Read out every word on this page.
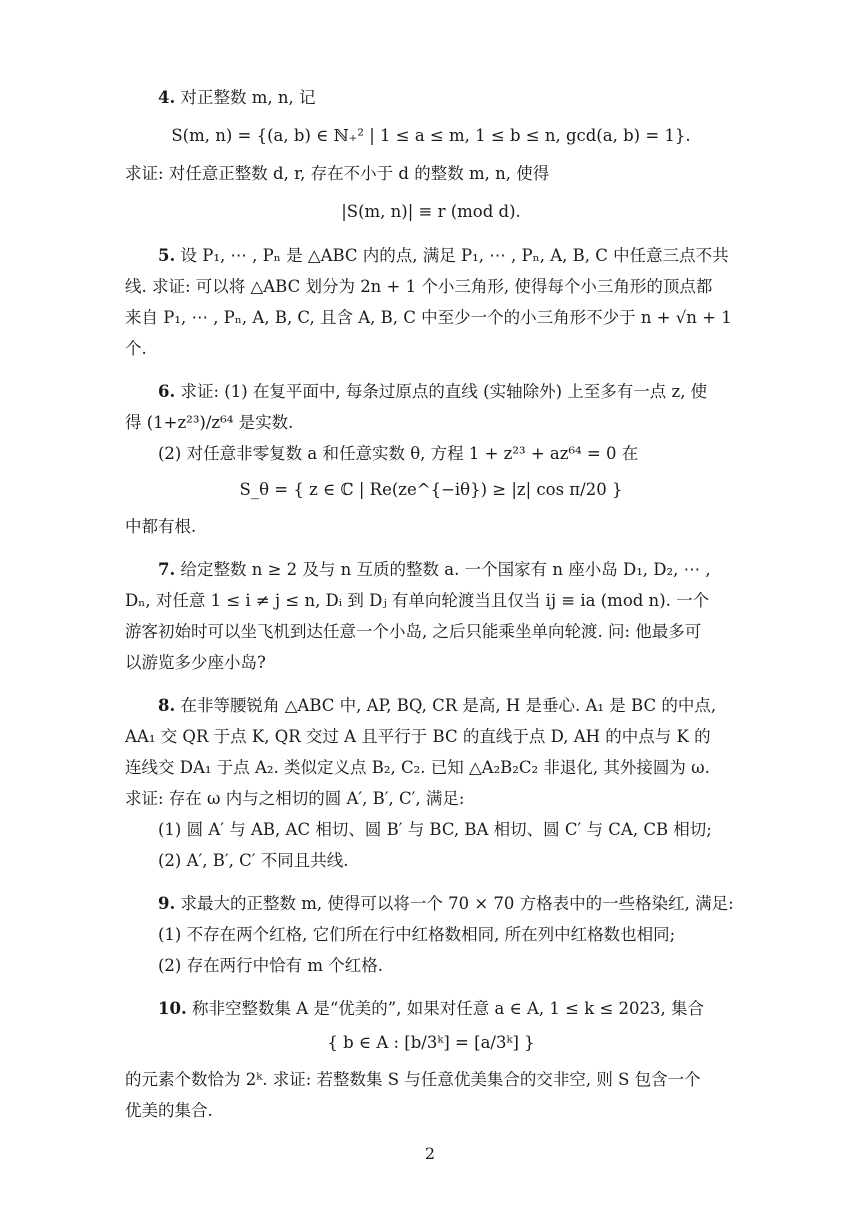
4. 对正整数 m, n, 记
S(m, n) = {(a, b) ∈ ℕ₊² | 1 ≤ a ≤ m, 1 ≤ b ≤ n, gcd(a, b) = 1}.
求证: 对任意正整数 d, r, 存在不小于 d 的整数 m, n, 使得
|S(m, n)| ≡ r (mod d).
5. 设 P₁, ⋯ , Pₙ 是 △ABC 内的点, 满足 P₁, ⋯ , Pₙ, A, B, C 中任意三点不共
线. 求证: 可以将 △ABC 划分为 2n + 1 个小三角形, 使得每个小三角形的顶点都
来自 P₁, ⋯ , Pₙ, A, B, C, 且含 A, B, C 中至少一个的小三角形不少于 n + √n + 1
个.
6. 求证: (1) 在复平面中, 每条过原点的直线 (实轴除外) 上至多有一点 z, 使
得 (1+z²³)/z⁶⁴ 是实数.
(2) 对任意非零复数 a 和任意实数 θ, 方程 1 + z²³ + az⁶⁴ = 0 在
S_θ = { z ∈ ℂ | Re(ze^{−iθ}) ≥ |z| cos π/20 }
中都有根.
7. 给定整数 n ≥ 2 及与 n 互质的整数 a. 一个国家有 n 座小岛 D₁, D₂, ⋯ ,
Dₙ, 对任意 1 ≤ i ≠ j ≤ n, Dᵢ 到 Dⱼ 有单向轮渡当且仅当 ij ≡ ia (mod n). 一个
游客初始时可以坐飞机到达任意一个小岛, 之后只能乘坐单向轮渡. 问: 他最多可
以游览多少座小岛?
8. 在非等腰锐角 △ABC 中, AP, BQ, CR 是高, H 是垂心. A₁ 是 BC 的中点,
AA₁ 交 QR 于点 K, QR 交过 A 且平行于 BC 的直线于点 D, AH 的中点与 K 的
连线交 DA₁ 于点 A₂. 类似定义点 B₂, C₂. 已知 △A₂B₂C₂ 非退化, 其外接圆为 ω.
求证: 存在 ω 内与之相切的圆 A′, B′, C′, 满足:
(1) 圆 A′ 与 AB, AC 相切、圆 B′ 与 BC, BA 相切、圆 C′ 与 CA, CB 相切;
(2) A′, B′, C′ 不同且共线.
9. 求最大的正整数 m, 使得可以将一个 70 × 70 方格表中的一些格染红, 满足:
(1) 不存在两个红格, 它们所在行中红格数相同, 所在列中红格数也相同;
(2) 存在两行中恰有 m 个红格.
10. 称非空整数集 A 是“优美的”, 如果对任意 a ∈ A, 1 ≤ k ≤ 2023, 集合
{ b ∈ A : [b/3ᵏ] = [a/3ᵏ] }
的元素个数恰为 2ᵏ. 求证: 若整数集 S 与任意优美集合的交非空, 则 S 包含一个
优美的集合.
2
